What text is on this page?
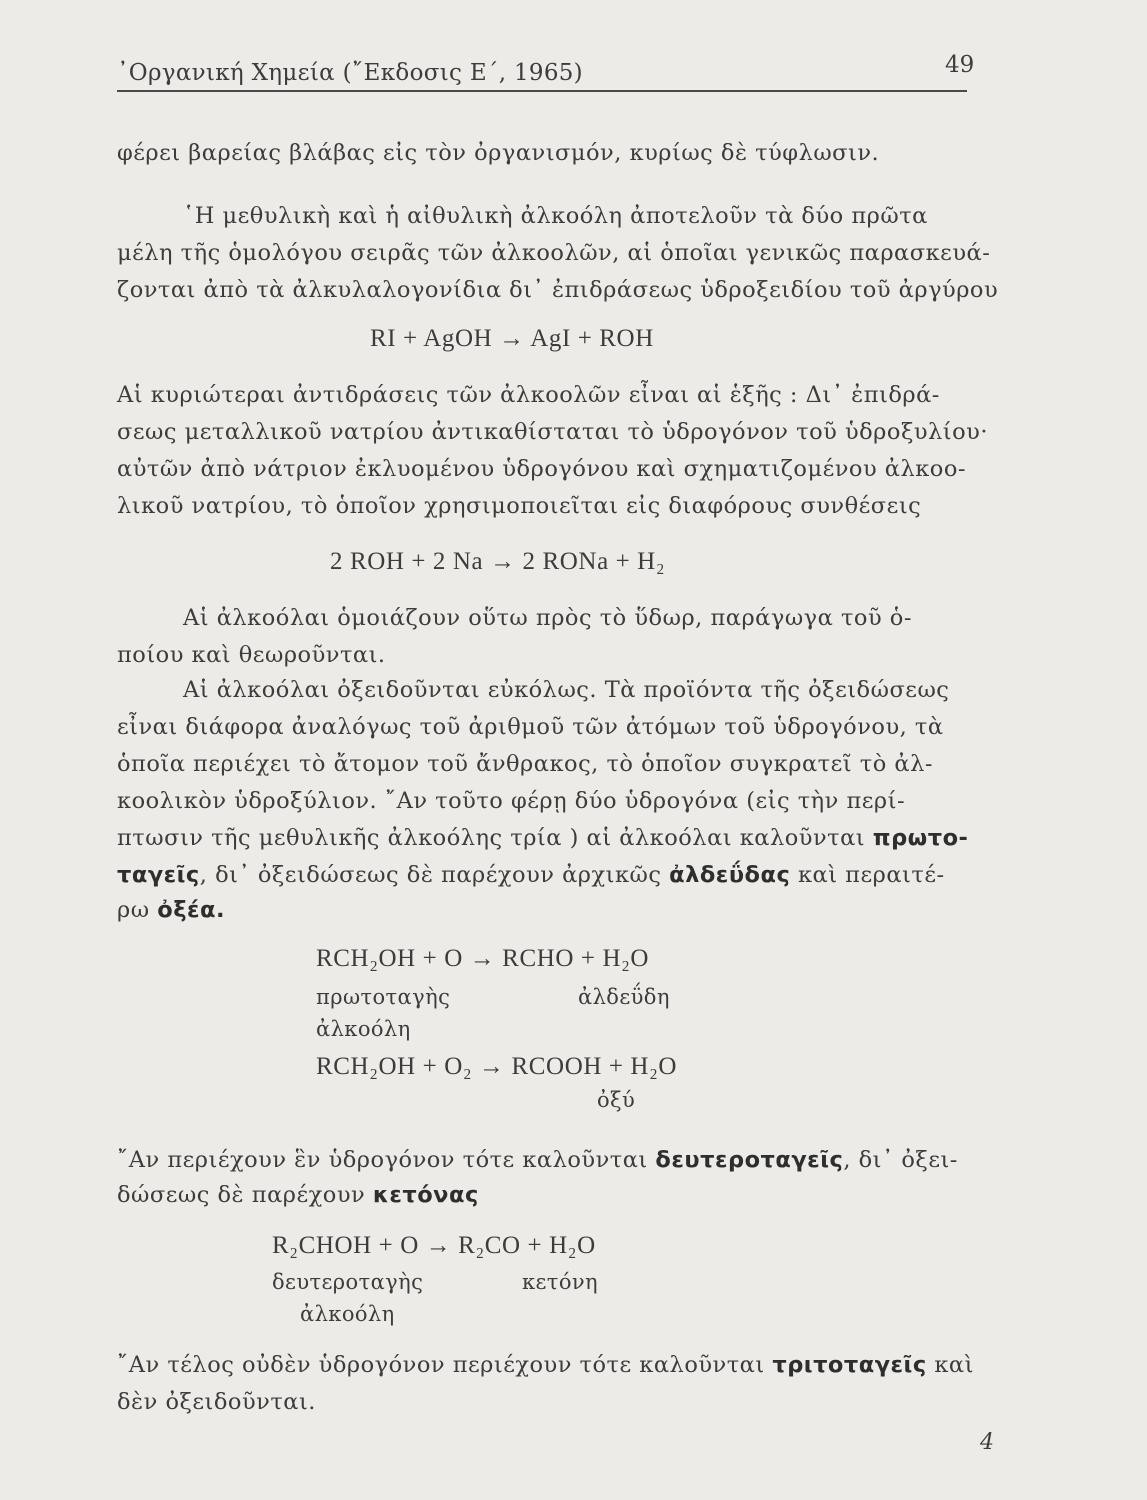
᾿Οργανική Χημεία (῎Εκδοσις Ε΄, 1965)	49
φέρει βαρείας βλάβας εἰς τὸν ὀργανισμόν, κυρίως δὲ τύφλωσιν.
῾Η μεθυλικὴ καὶ ἡ αἰθυλικὴ ἀλκοόλη ἀποτελοῦν τὰ δύο πρῶτα
μέλη τῆς ὁμολόγου σειρᾶς τῶν ἀλκοολῶν, αἱ ὁποῖαι γενικῶς παρασκευά-
ζονται ἀπὸ τὰ ἀλκυλαλογονίδια δι᾿ ἐπιδράσεως ὑδροξειδίου τοῦ ἀργύρου
RI + AgOH → AgI + ROH
Αἱ κυριώτεραι ἀντιδράσεις τῶν ἀλκοολῶν εἶναι αἱ ἑξῆς : Δι᾿ ἐπιδρά-
σεως μεταλλικοῦ νατρίου ἀντικαθίσταται τὸ ὑδρογόνον τοῦ ὑδροξυλίου·
αὐτῶν ἀπὸ νάτριον ἐκλυομένου ὑδρογόνου καὶ σχηματιζομένου ἀλκοο-
λικοῦ νατρίου, τὸ ὁποῖον χρησιμοποιεῖται εἰς διαφόρους συνθέσεις
2 ROH + 2 Na → 2 RONa + H₂
Αἱ ἀλκοόλαι ὁμοιάζουν οὕτω πρὸς τὸ ὕδωρ, παράγωγα τοῦ ὁ-
ποίου καὶ θεωροῦνται.
Αἱ ἀλκοόλαι ὀξειδοῦνται εὐκόλως. Τὰ προϊόντα τῆς ὀξειδώσεως
εἶναι διάφορα ἀναλόγως τοῦ ἀριθμοῦ τῶν ἀτόμων τοῦ ὑδρογόνου, τὰ
ὁποῖα περιέχει τὸ ἄτομον τοῦ ἄνθρακος, τὸ ὁποῖον συγκρατεῖ τὸ ἀλ-
κοολικὸν ὑδροξύλιον. ῎Αν τοῦτο φέρῃ δύο ὑδρογόνα (εἰς τὴν περί-
πτωσιν τῆς μεθυλικῆς ἀλκοόλης τρία ) αἱ ἀλκοόλαι καλοῦνται πρωτο-
ταγεῖς, δι᾿ ὀξειδώσεως δὲ παρέχουν ἀρχικῶς ἀλδεΰδας καὶ περαιτέ-
ρω ὀξέα.
RCH₂OH + O → RCHO + H₂O
πρωτοταγὴς	ἀλδεΰδη
ἀλκοόλη
RCH₂OH + O₂ → RCOOH + H₂O
ὀξύ
῎Αν περιέχουν ἓν ὑδρογόνον τότε καλοῦνται δευτεροταγεῖς, δι᾿ ὀξει-
δώσεως δὲ παρέχουν κετόνας
R₂CHOH + O → R₂CO + H₂O
δευτεροταγὴς	κετόνη
ἀλκοόλη
῎Αν τέλος οὐδὲν ὑδρογόνον περιέχουν τότε καλοῦνται τριτοταγεῖς καὶ
δὲν ὀξειδοῦνται.
4
